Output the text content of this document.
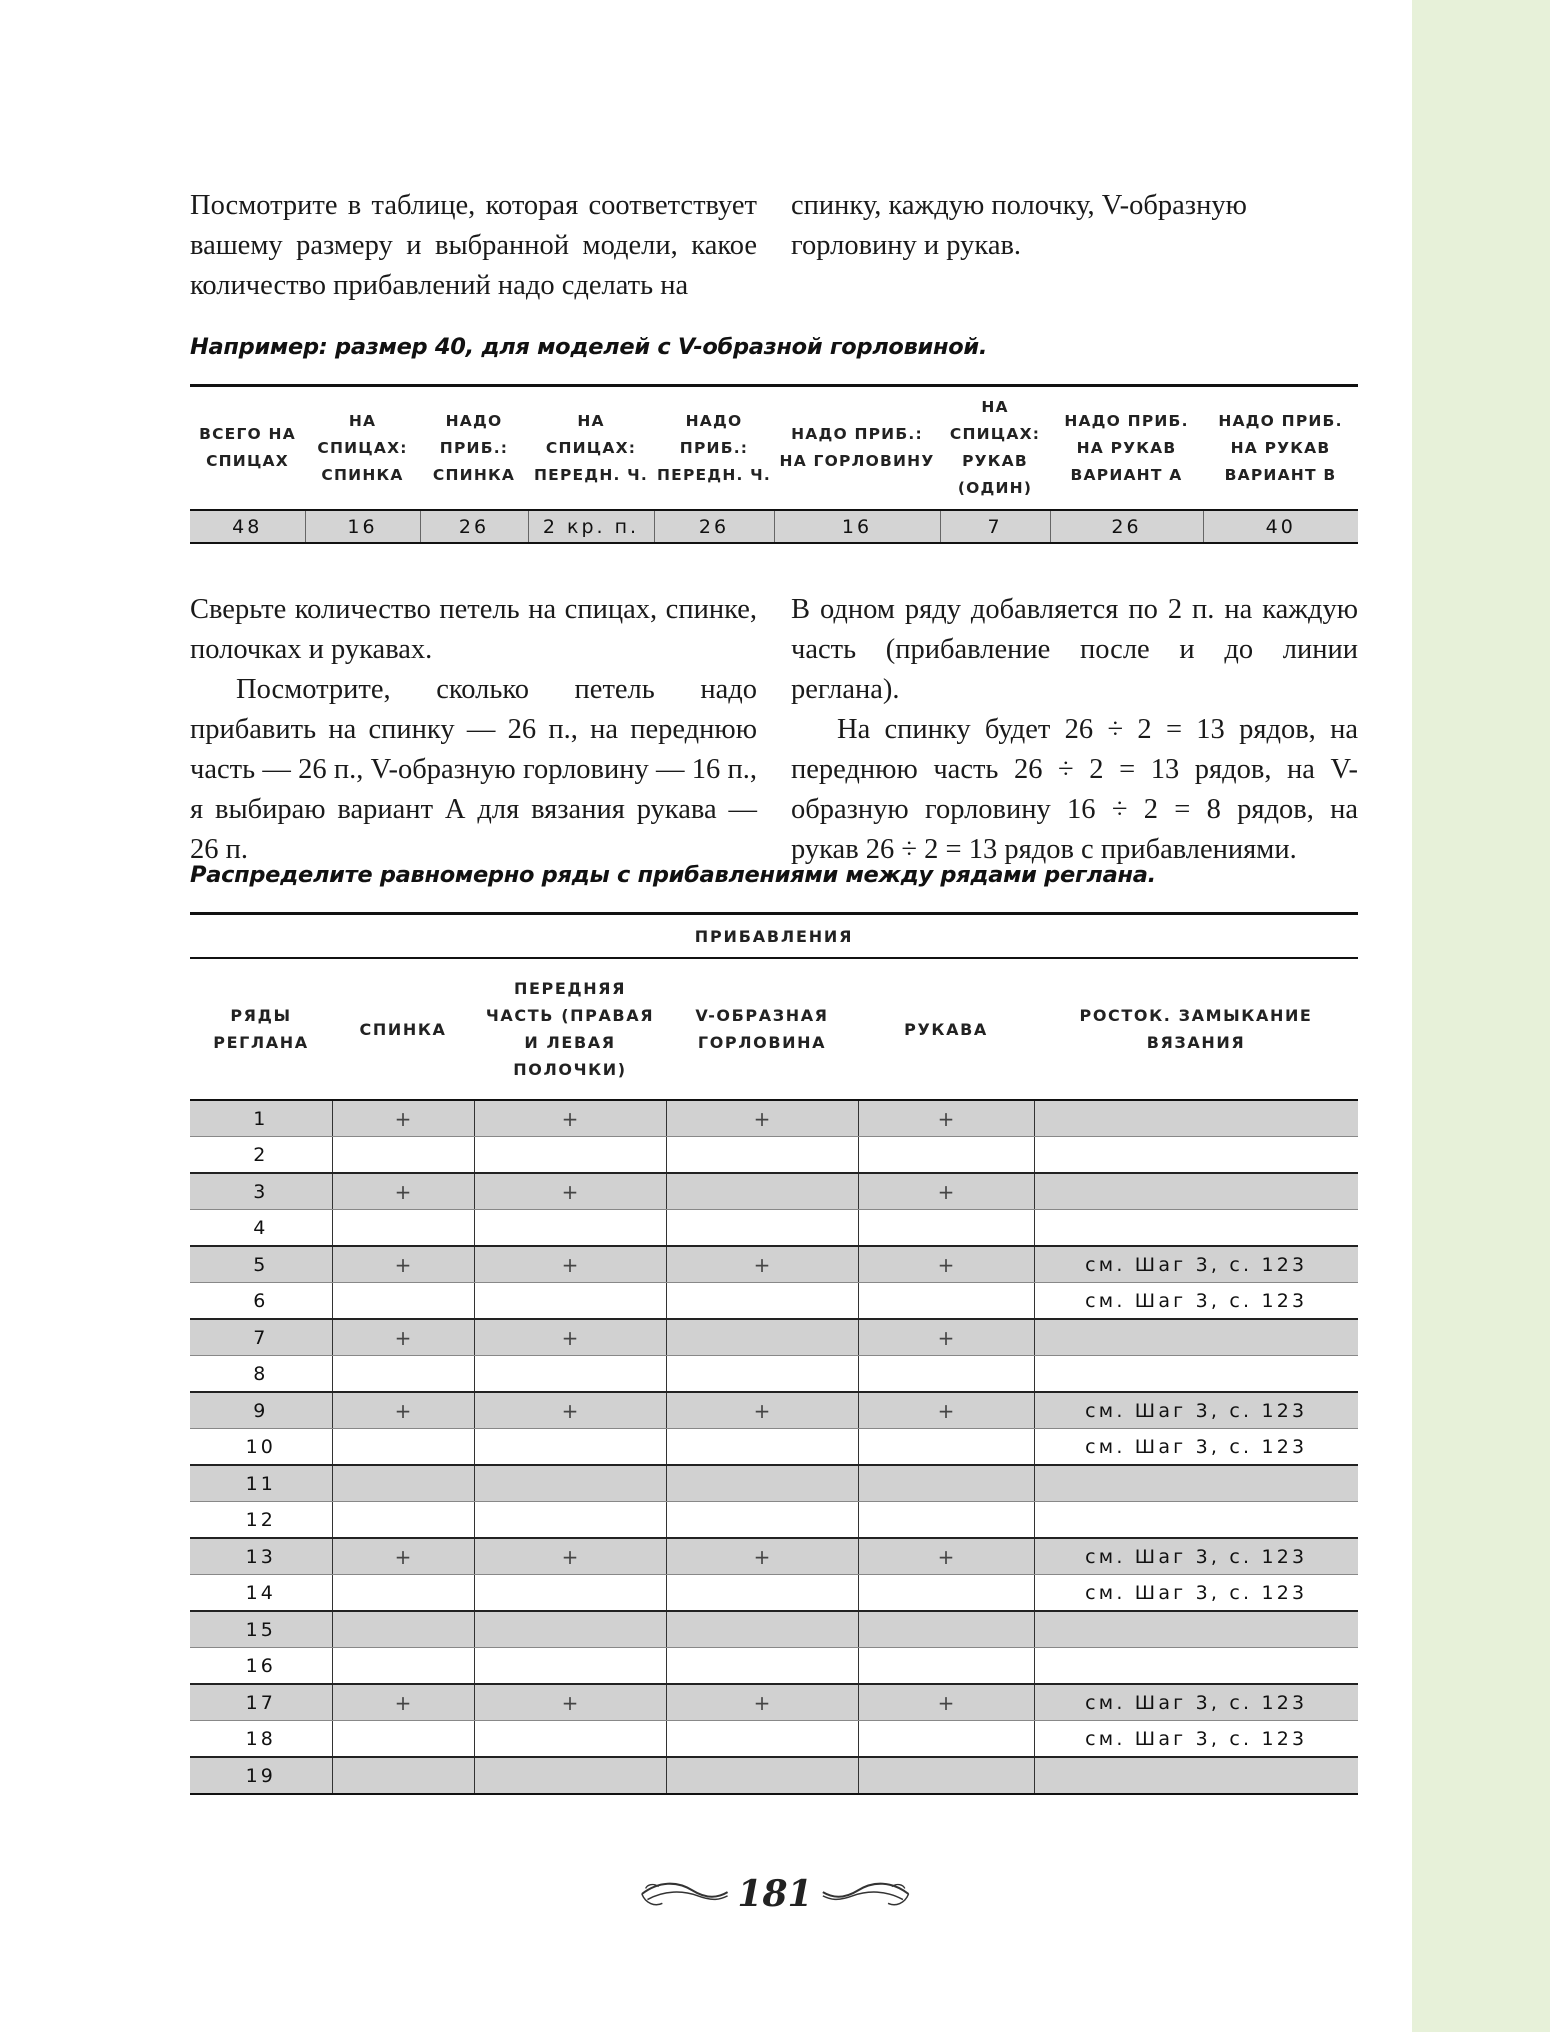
Посмотрите в таблице, которая соответствует вашему размеру и выбранной модели, какое количество прибавлений надо сделать на

спинку, каждую полочку, V-образную горловину и рукав.

Например: размер 40, для моделей с V-образной горловиной.
ВСЕГО НА СПИЦАХ	НА СПИЦАХ: СПИНКА	НАДО ПРИБ.: СПИНКА	НА СПИЦАХ: ПЕРЕДН. Ч.	НАДО ПРИБ.: ПЕРЕДН. Ч.	НАДО ПРИБ.: НА ГОРЛОВИНУ	НА СПИЦАХ: РУКАВ (ОДИН)	НАДО ПРИБ. НА РУКАВ ВАРИАНТ А	НАДО ПРИБ. НА РУКАВ ВАРИАНТ В
48	16	26	2 кр. п.	26	16	7	26	40

Сверьте количество петель на спицах, спинке, полочках и рукавах.

Посмотрите, сколько петель надо прибавить на спинку — 26 п., на переднюю часть — 26 п., V-образную горловину — 16 п., я выбираю вариант А для вязания рукава — 26 п.

В одном ряду добавляется по 2 п. на каждую часть (прибавление после и до линии реглана).

На спинку будет 26 ÷ 2 = 13 рядов, на переднюю часть 26 ÷ 2 = 13 рядов, на V-образную горловину 16 ÷ 2 = 8 рядов, на рукав 26 ÷ 2 = 13 рядов с прибавлениями.

Распределите равномерно ряды с прибавлениями между рядами реглана.
ПРИБАВЛЕНИЯ					
РЯДЫ РЕГЛАНА	СПИНКА	ПЕРЕДНЯЯ ЧАСТЬ (ПРАВАЯ И ЛЕВАЯ ПОЛОЧКИ)	V-ОБРАЗНАЯ ГОРЛОВИНА	РУКАВА	РОСТОК. ЗАМЫКАНИЕ ВЯЗАНИЯ
1	+	+	+	+	
2					
3	+	+		+	
4					
5	+	+	+	+	см. Шаг 3, с. 123
6					см. Шаг 3, с. 123
7	+	+		+	
8					
9	+	+	+	+	см. Шаг 3, с. 123
10					см. Шаг 3, с. 123
11					
12					
13	+	+	+	+	см. Шаг 3, с. 123
14					см. Шаг 3, с. 123
15					
16					
17	+	+	+	+	см. Шаг 3, с. 123
18					см. Шаг 3, с. 123
19					
181
